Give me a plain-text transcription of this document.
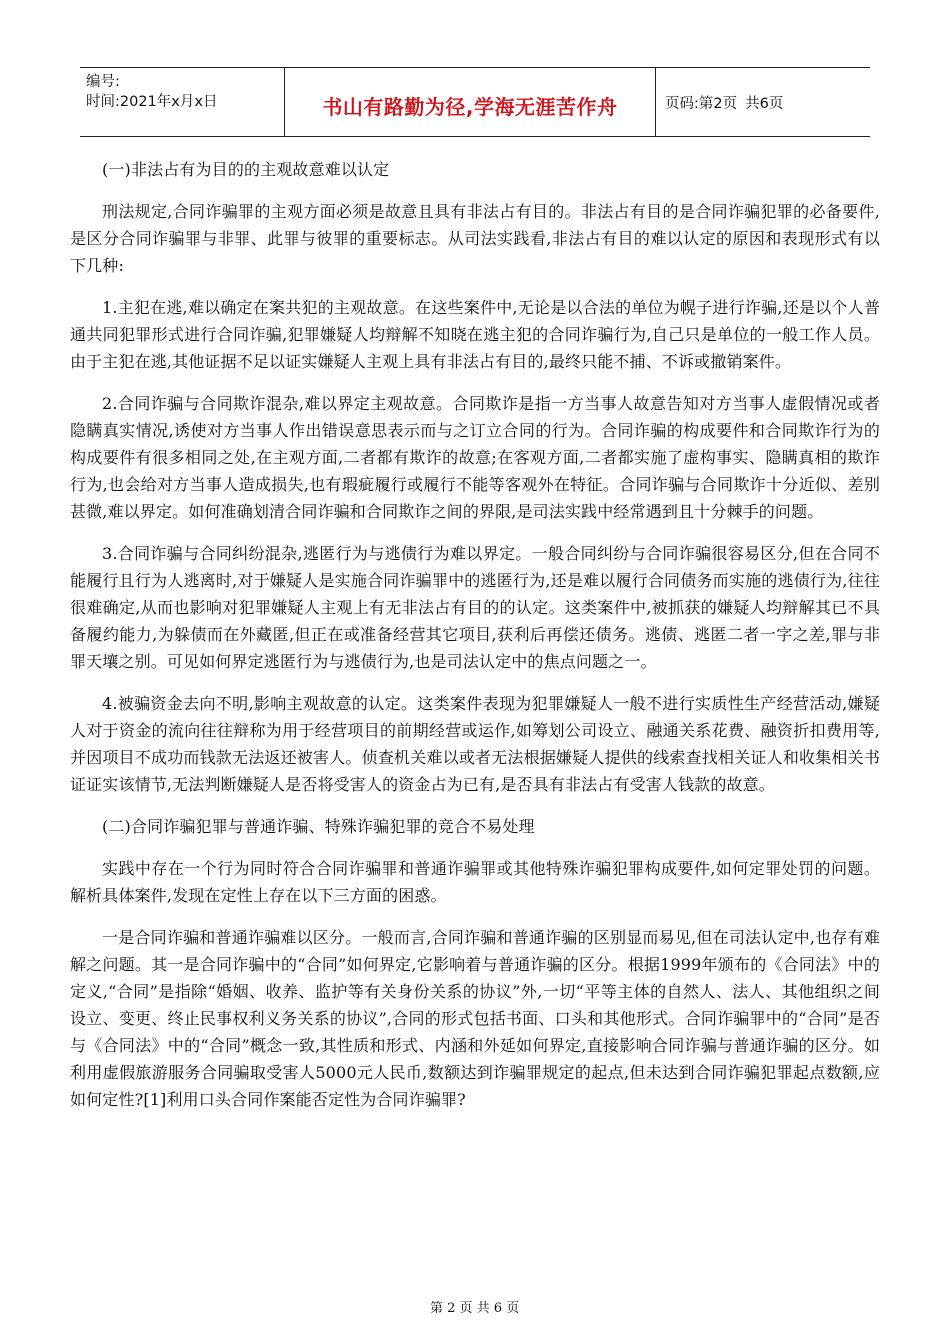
编号:
时间:2021年x月x日	书山有路勤为径,学海无涯苦作舟	页码:第2页 共6页

(一)非法占有为目的的主观故意难以认定

刑法规定,合同诈骗罪的主观方面必须是故意且具有非法占有目的。非法占有目的是合同诈骗犯罪的必备要件,是区分合同诈骗罪与非罪、此罪与彼罪的重要标志。从司法实践看,非法占有目的难以认定的原因和表现形式有以下几种:

1.主犯在逃,难以确定在案共犯的主观故意。在这些案件中,无论是以合法的单位为幌子进行诈骗,还是以个人普通共同犯罪形式进行合同诈骗,犯罪嫌疑人均辩解不知晓在逃主犯的合同诈骗行为,自己只是单位的一般工作人员。由于主犯在逃,其他证据不足以证实嫌疑人主观上具有非法占有目的,最终只能不捕、不诉或撤销案件。

2.合同诈骗与合同欺诈混杂,难以界定主观故意。合同欺诈是指一方当事人故意告知对方当事人虚假情况或者隐瞒真实情况,诱使对方当事人作出错误意思表示而与之订立合同的行为。合同诈骗的构成要件和合同欺诈行为的构成要件有很多相同之处,在主观方面,二者都有欺诈的故意;在客观方面,二者都实施了虚构事实、隐瞒真相的欺诈行为,也会给对方当事人造成损失,也有瑕疵履行或履行不能等客观外在特征。合同诈骗与合同欺诈十分近似、差别甚微,难以界定。如何准确划清合同诈骗和合同欺诈之间的界限,是司法实践中经常遇到且十分棘手的问题。

3.合同诈骗与合同纠纷混杂,逃匿行为与逃债行为难以界定。一般合同纠纷与合同诈骗很容易区分,但在合同不能履行且行为人逃离时,对于嫌疑人是实施合同诈骗罪中的逃匿行为,还是难以履行合同债务而实施的逃债行为,往往很难确定,从而也影响对犯罪嫌疑人主观上有无非法占有目的的认定。这类案件中,被抓获的嫌疑人均辩解其已不具备履约能力,为躲债而在外藏匿,但正在或准备经营其它项目,获利后再偿还债务。逃债、逃匿二者一字之差,罪与非罪天壤之别。可见如何界定逃匿行为与逃债行为,也是司法认定中的焦点问题之一。

4.被骗资金去向不明,影响主观故意的认定。这类案件表现为犯罪嫌疑人一般不进行实质性生产经营活动,嫌疑人对于资金的流向往往辩称为用于经营项目的前期经营或运作,如筹划公司设立、融通关系花费、融资折扣费用等,并因项目不成功而钱款无法返还被害人。侦查机关难以或者无法根据嫌疑人提供的线索查找相关证人和收集相关书证证实该情节,无法判断嫌疑人是否将受害人的资金占为已有,是否具有非法占有受害人钱款的故意。

(二)合同诈骗犯罪与普通诈骗、特殊诈骗犯罪的竞合不易处理

实践中存在一个行为同时符合合同诈骗罪和普通诈骗罪或其他特殊诈骗犯罪构成要件,如何定罪处罚的问题。解析具体案件,发现在定性上存在以下三方面的困惑。

一是合同诈骗和普通诈骗难以区分。一般而言,合同诈骗和普通诈骗的区别显而易见,但在司法认定中,也存有难解之问题。其一是合同诈骗中的“合同”如何界定,它影响着与普通诈骗的区分。根据1999年颁布的《合同法》中的定义,“合同”是指除“婚姻、收养、监护等有关身份关系的协议”外,一切“平等主体的自然人、法人、其他组织之间设立、变更、终止民事权利义务关系的协议”,合同的形式包括书面、口头和其他形式。合同诈骗罪中的“合同”是否与《合同法》中的“合同”概念一致,其性质和形式、内涵和外延如何界定,直接影响合同诈骗与普通诈骗的区分。如利用虚假旅游服务合同骗取受害人5000元人民币,数额达到诈骗罪规定的起点,但未达到合同诈骗犯罪起点数额,应如何定性?[1]利用口头合同作案能否定性为合同诈骗罪?

第 2 页 共 6 页
